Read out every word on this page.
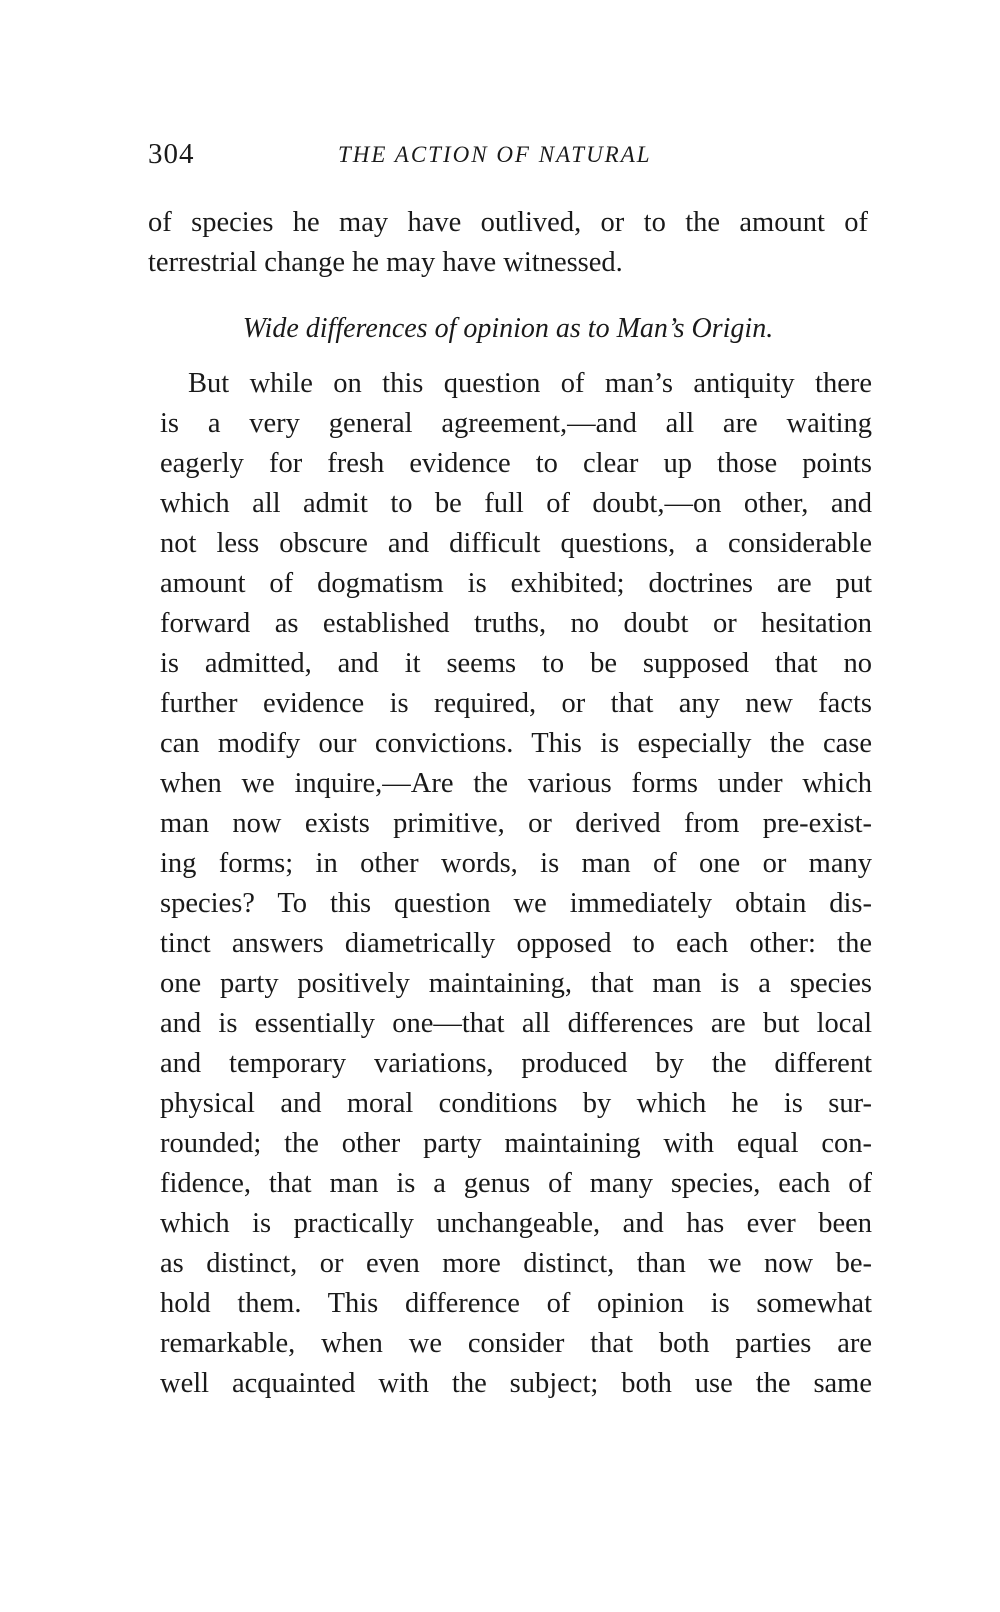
304	THE ACTION OF NATURAL
of species he may have outlived, or to the amount of
terrestrial change he may have witnessed.
Wide differences of opinion as to Man’s Origin.
But while on this question of man’s antiquity there
is a very general agreement,—and all are waiting
eagerly for fresh evidence to clear up those points
which all admit to be full of doubt,—on other, and
not less obscure and difficult questions, a considerable
amount of dogmatism is exhibited; doctrines are put
forward as established truths, no doubt or hesitation
is admitted, and it seems to be supposed that no
further evidence is required, or that any new facts
can modify our convictions. This is especially the case
when we inquire,—Are the various forms under which
man now exists primitive, or derived from pre-exist-
ing forms; in other words, is man of one or many
species? To this question we immediately obtain dis-
tinct answers diametrically opposed to each other: the
one party positively maintaining, that man is a species
and is essentially one—that all differences are but local
and temporary variations, produced by the different
physical and moral conditions by which he is sur-
rounded; the other party maintaining with equal con-
fidence, that man is a genus of many species, each of
which is practically unchangeable, and has ever been
as distinct, or even more distinct, than we now be-
hold them. This difference of opinion is somewhat
remarkable, when we consider that both parties are
well acquainted with the subject; both use the same
